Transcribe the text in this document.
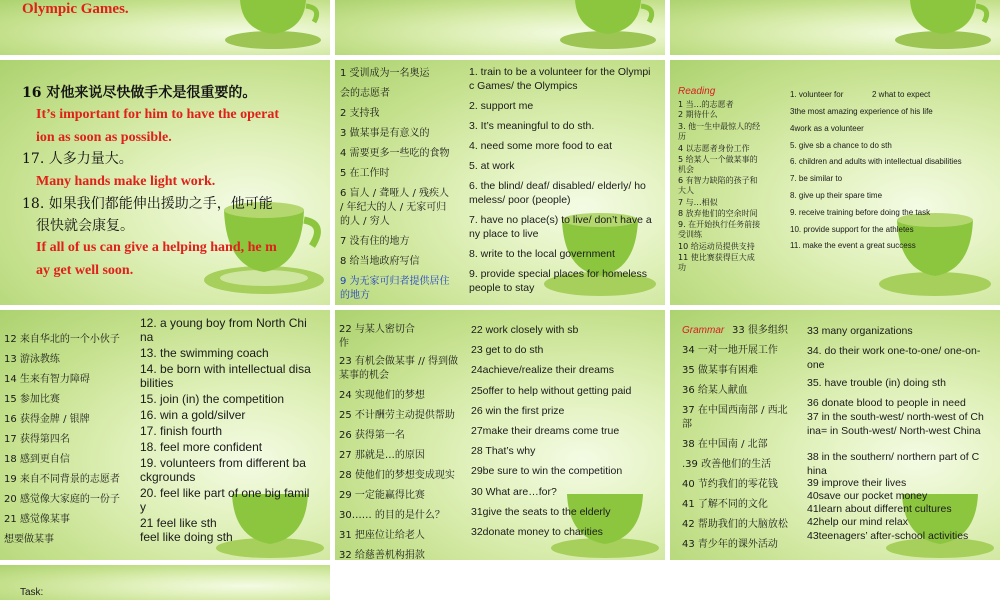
Olympic Games.
16 对他来说尽快做手术是很重要的。
It’s important for him to have the operat
ion as soon as possible.
17. 人多力量大。
Many hands make light work.
18. 如果我们都能伸出援助之手，他可能
很快就会康复。
If all of us can give a helping hand, he m
ay get well soon.
1 受训成为一名奥运
会的志愿者
2 支持我
3 做某事是有意义的
4 需要更多一些吃的食物
5 在工作时
6 盲人 / 聋哑人 / 残疾人
/ 年纪大的人 / 无家可归
的人 / 穷人
7 没有住的地方
8 给当地政府写信
9 为无家可归者提供居住
的地方
1. train to be a volunteer for the Olympi
c Games/ the Olympics
2. support me
3. It’s meaningful to do sth.
4. need some more food to eat
5. at work
6. the blind/ deaf/ disabled/ elderly/ ho
meless/ poor (people)
7. have no place(s) to live/ don’t have a
ny place to live
8. write to the local government
9. provide special places for homeless
people to stay
Reading
1 当…的志愿者
2 期待什么
3. 他一生中最惊人的经
历
4 以志愿者身份工作
5 给某人一个做某事的
机会
6 有智力缺陷的孩子和
大人
7 与…相似
8 放弃他们的空余时间
9. 在开始执行任务前接
受训练
10 给运动员提供支持
11 使比赛获得巨大成
功
1. volunteer for	2 what to expect
3the most amazing experience of his life
4work as a volunteer
5. give sb a chance to do sth
6. children and adults with intellectual disabilities
7. be similar to
8. give up their spare time
9. receive training before doing the task
10. provide support for the athletes
11. make the event a great success
12 来自华北的一个小伙子
13 游泳教练
14 生来有智力障碍
15 参加比赛
16 获得金牌 / 银牌
17 获得第四名
18 感到更自信
19 来自不同背景的志愿者
20 感觉像大家庭的一份子
21 感觉像某事
想要做某事
12. a young boy from North Chi
na
13. the swimming coach
14. be born with intellectual disa
bilities
15. join (in) the competition
16. win a gold/silver
17. finish fourth
18. feel more confident
19. volunteers from different ba
ckgrounds
20. feel like part of one big famil
y
21 feel like sth
feel like doing sth
22 与某人密切合
作
23 有机会做某事 // 得到做
某事的机会
24 实现他们的梦想
25 不计酬劳主动提供帮助
26 获得第一名
27 那就是…的原因
28 使他们的梦想变成现实
29 一定能赢得比赛
30…… 的目的是什么？
31 把座位让给老人
32 给慈善机构捐款
22 work closely with sb
23 get to do sth
24achieve/realize their dreams
25offer to help without getting paid
26 win the first prize
27make their dreams come true
28 That’s why
29be sure to win the competition
30 What are…for?
31give the seats to the elderly
32donate money to charities
Grammar 33 很多组织
34 一对一地开展工作
35 做某事有困难
36 给某人献血
37 在中国西南部 / 西北
部
38 在中国南 / 北部
.39 改善他们的生活
40 节约我们的零花钱
41 了解不同的文化
42 帮助我们的大脑放松
43 青少年的课外活动
33 many organizations
34. do their work one-to-one/ one-on-
one
35. have trouble (in) doing sth
36 donate blood to people in need
37 in the south-west/ north-west of Ch
ina= in South-west/ North-west China
38 in the southern/ northern part of C
hina
39 improve their lives
40save our pocket money
41learn about different cultures
42help our mind relax
43teenagers’ after-school activities
Task:
